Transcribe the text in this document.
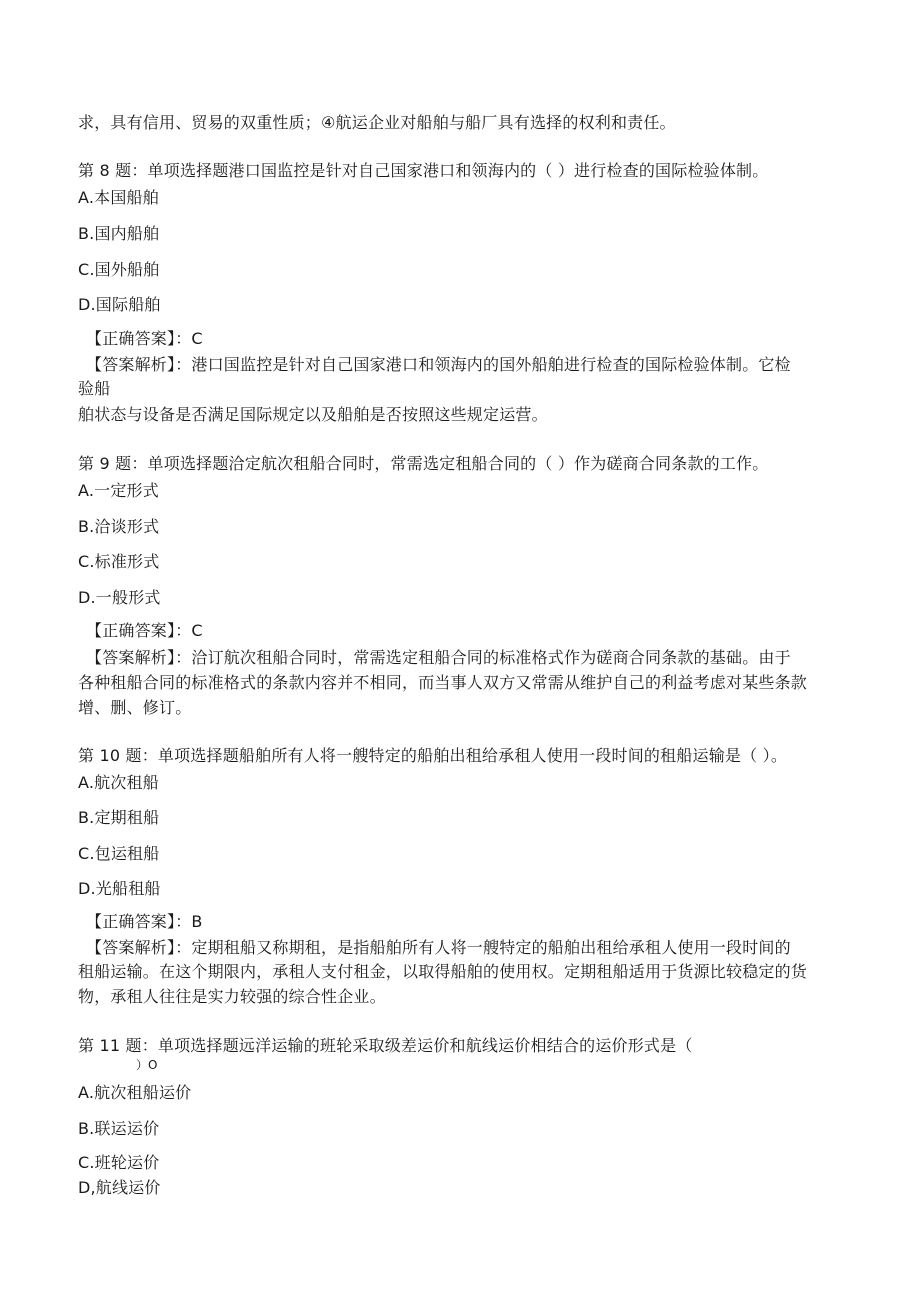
求，具有信用、贸易的双重性质；④航运企业对船舶与船厂具有选择的权利和责任。
第 8 题：单项选择题港口国监控是针对自己国家港口和领海内的（ ）进行检查的国际检验体制。
A.本国船舶
B.国内船舶
C.国外船舶
D.国际船舶
【正确答案】：C
【答案解析】：港口国监控是针对自己国家港口和领海内的国外船舶进行检查的国际检验体制。它检
验船
舶状态与设备是否满足国际规定以及船舶是否按照这些规定运营。
第 9 题：单项选择题洽定航次租船合同时，常需选定租船合同的（ ）作为磋商合同条款的工作。
A.一定形式
B.洽谈形式
C.标准形式
D.一般形式
【正确答案】：C
【答案解析】：洽订航次租船合同时，常需选定租船合同的标准格式作为磋商合同条款的基础。由于
各种租船合同的标准格式的条款内容并不相同，而当事人双方又常需从维护自己的利益考虑对某些条款
增、删、修订。
第 10 题：单项选择题船舶所有人将一艘特定的船舶出租给承租人使用一段时间的租船运输是（ ）。
A.航次租船
B.定期租船
C.包运租船
D.光船租船
【正确答案】：B
【答案解析】：定期租船又称期租，是指船舶所有人将一艘特定的船舶出租给承租人使用一段时间的
租船运输。在这个期限内，承租人支付租金，以取得船舶的使用权。定期租船适用于货源比较稳定的货
物，承租人往往是实力较强的综合性企业。
第 11 题：单项选择题远洋运输的班轮采取级差运价和航线运价相结合的运价形式是（
）O
A.航次租船运价
B.联运运价
C.班轮运价
D,航线运价
